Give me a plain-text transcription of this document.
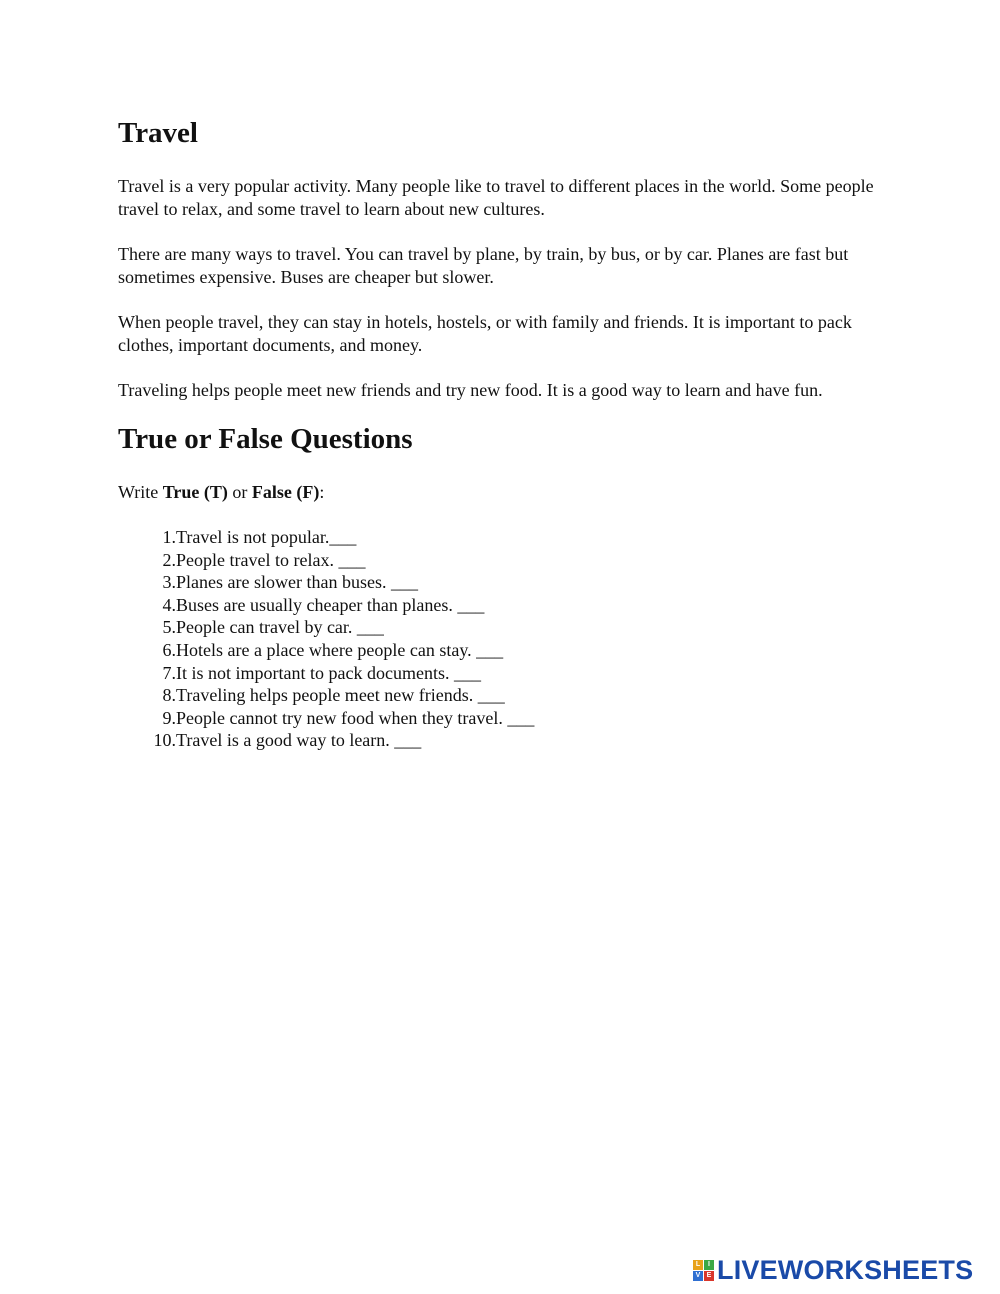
Travel

Travel is a very popular activity. Many people like to travel to different places in the world. Some people travel to relax, and some travel to learn about new cultures.

There are many ways to travel. You can travel by plane, by train, by bus, or by car. Planes are fast but sometimes expensive. Buses are cheaper but slower.

When people travel, they can stay in hotels, hostels, or with family and friends. It is important to pack clothes, important documents, and money.

Traveling helps people meet new friends and try new food. It is a good way to learn and have fun.

True or False Questions

Write True (T) or False (F):

1. Travel is not popular.___
2. People travel to relax. ___
3. Planes are slower than buses. ___
4. Buses are usually cheaper than planes. ___
5. People can travel by car. ___
6. Hotels are a place where people can stay. ___
7. It is not important to pack documents. ___
8. Traveling helps people meet new friends. ___
9. People cannot try new food when they travel. ___
10. Travel is a good way to learn. ___
L	I
V E LIVEWORKSHEETS
